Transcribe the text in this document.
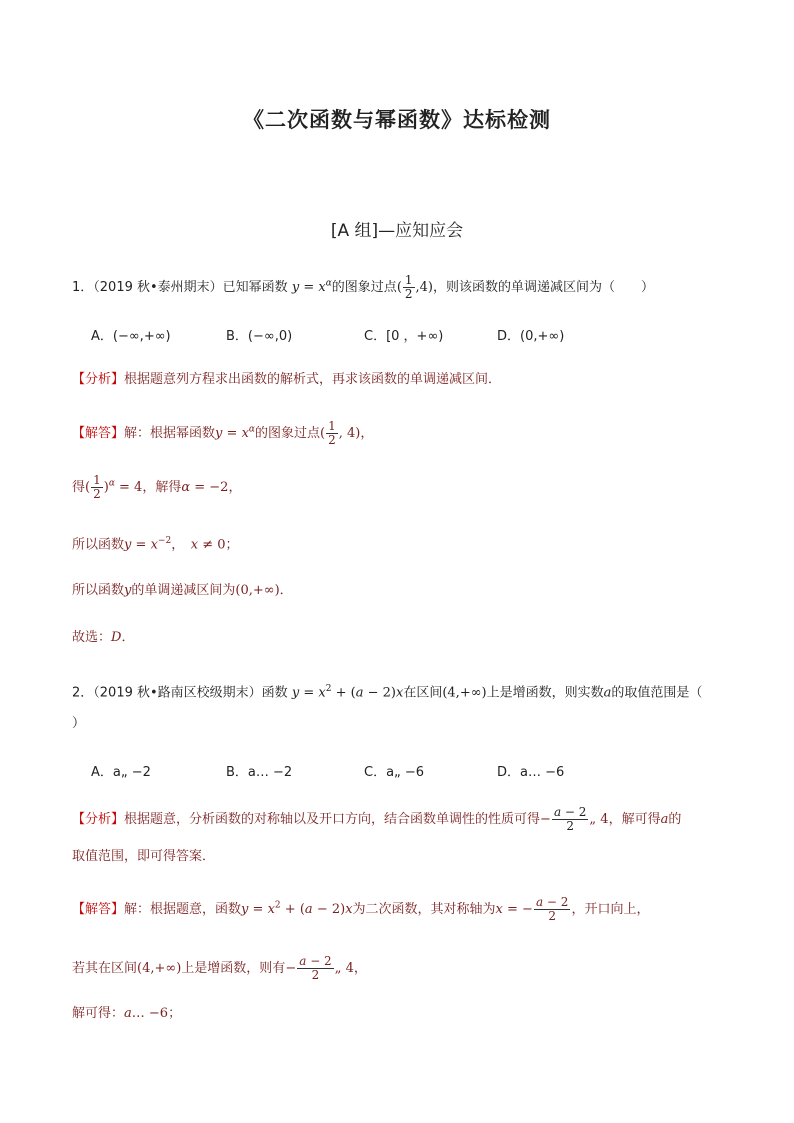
《二次函数与幂函数》达标检测
[A 组]—应知应会
1．（2019 秋•泰州期末）已知幂函数 $y = x^\alpha$的图象过点( $\frac{1}{2} ,4$)，则该函数的单调递减区间为（　　）
A．(−∞,+∞)	B．(−∞,0)	C．[0 ，+∞)	D．(0,+∞)
【分析】根据题意列方程求出函数的解析式，再求该函数的单调递减区间．
【解答】解：根据幂函数$y = x^\alpha$的图象过点( $\frac{1}{2}$ , 4)，
得( $\frac{1}{2} )^\alpha = 4$，解得α = −2，
所以函数$y = x^{-2}$，　 x ≠ 0；
所以函数y的单调递减区间为(0,+∞)．
故选：D．
2．（2019 秋•路南区校级期末）函数 $y = x^2 + (a - 2)x$在区间(4,+∞)上是增函数，则实数a的取值范围是（
）
A．a„ −2	B．a… −2	C．a„ −6	D．a… −6
【分析】根据题意，分析函数的对称轴以及开口方向，结合函数单调性的性质可得− $\frac{a - 2}{2}$ „ 4，解可得a的
取值范围，即可得答案．
【解答】解：根据题意，函数$y = x^2 + (a - 2)x$为二次函数，其对称轴为x = − $\frac{a - 2}{2}$ ，开口向上，
若其在区间(4,+∞)上是增函数，则有− $\frac{a - 2}{2}$ „ 4，
解可得：a… −6；
